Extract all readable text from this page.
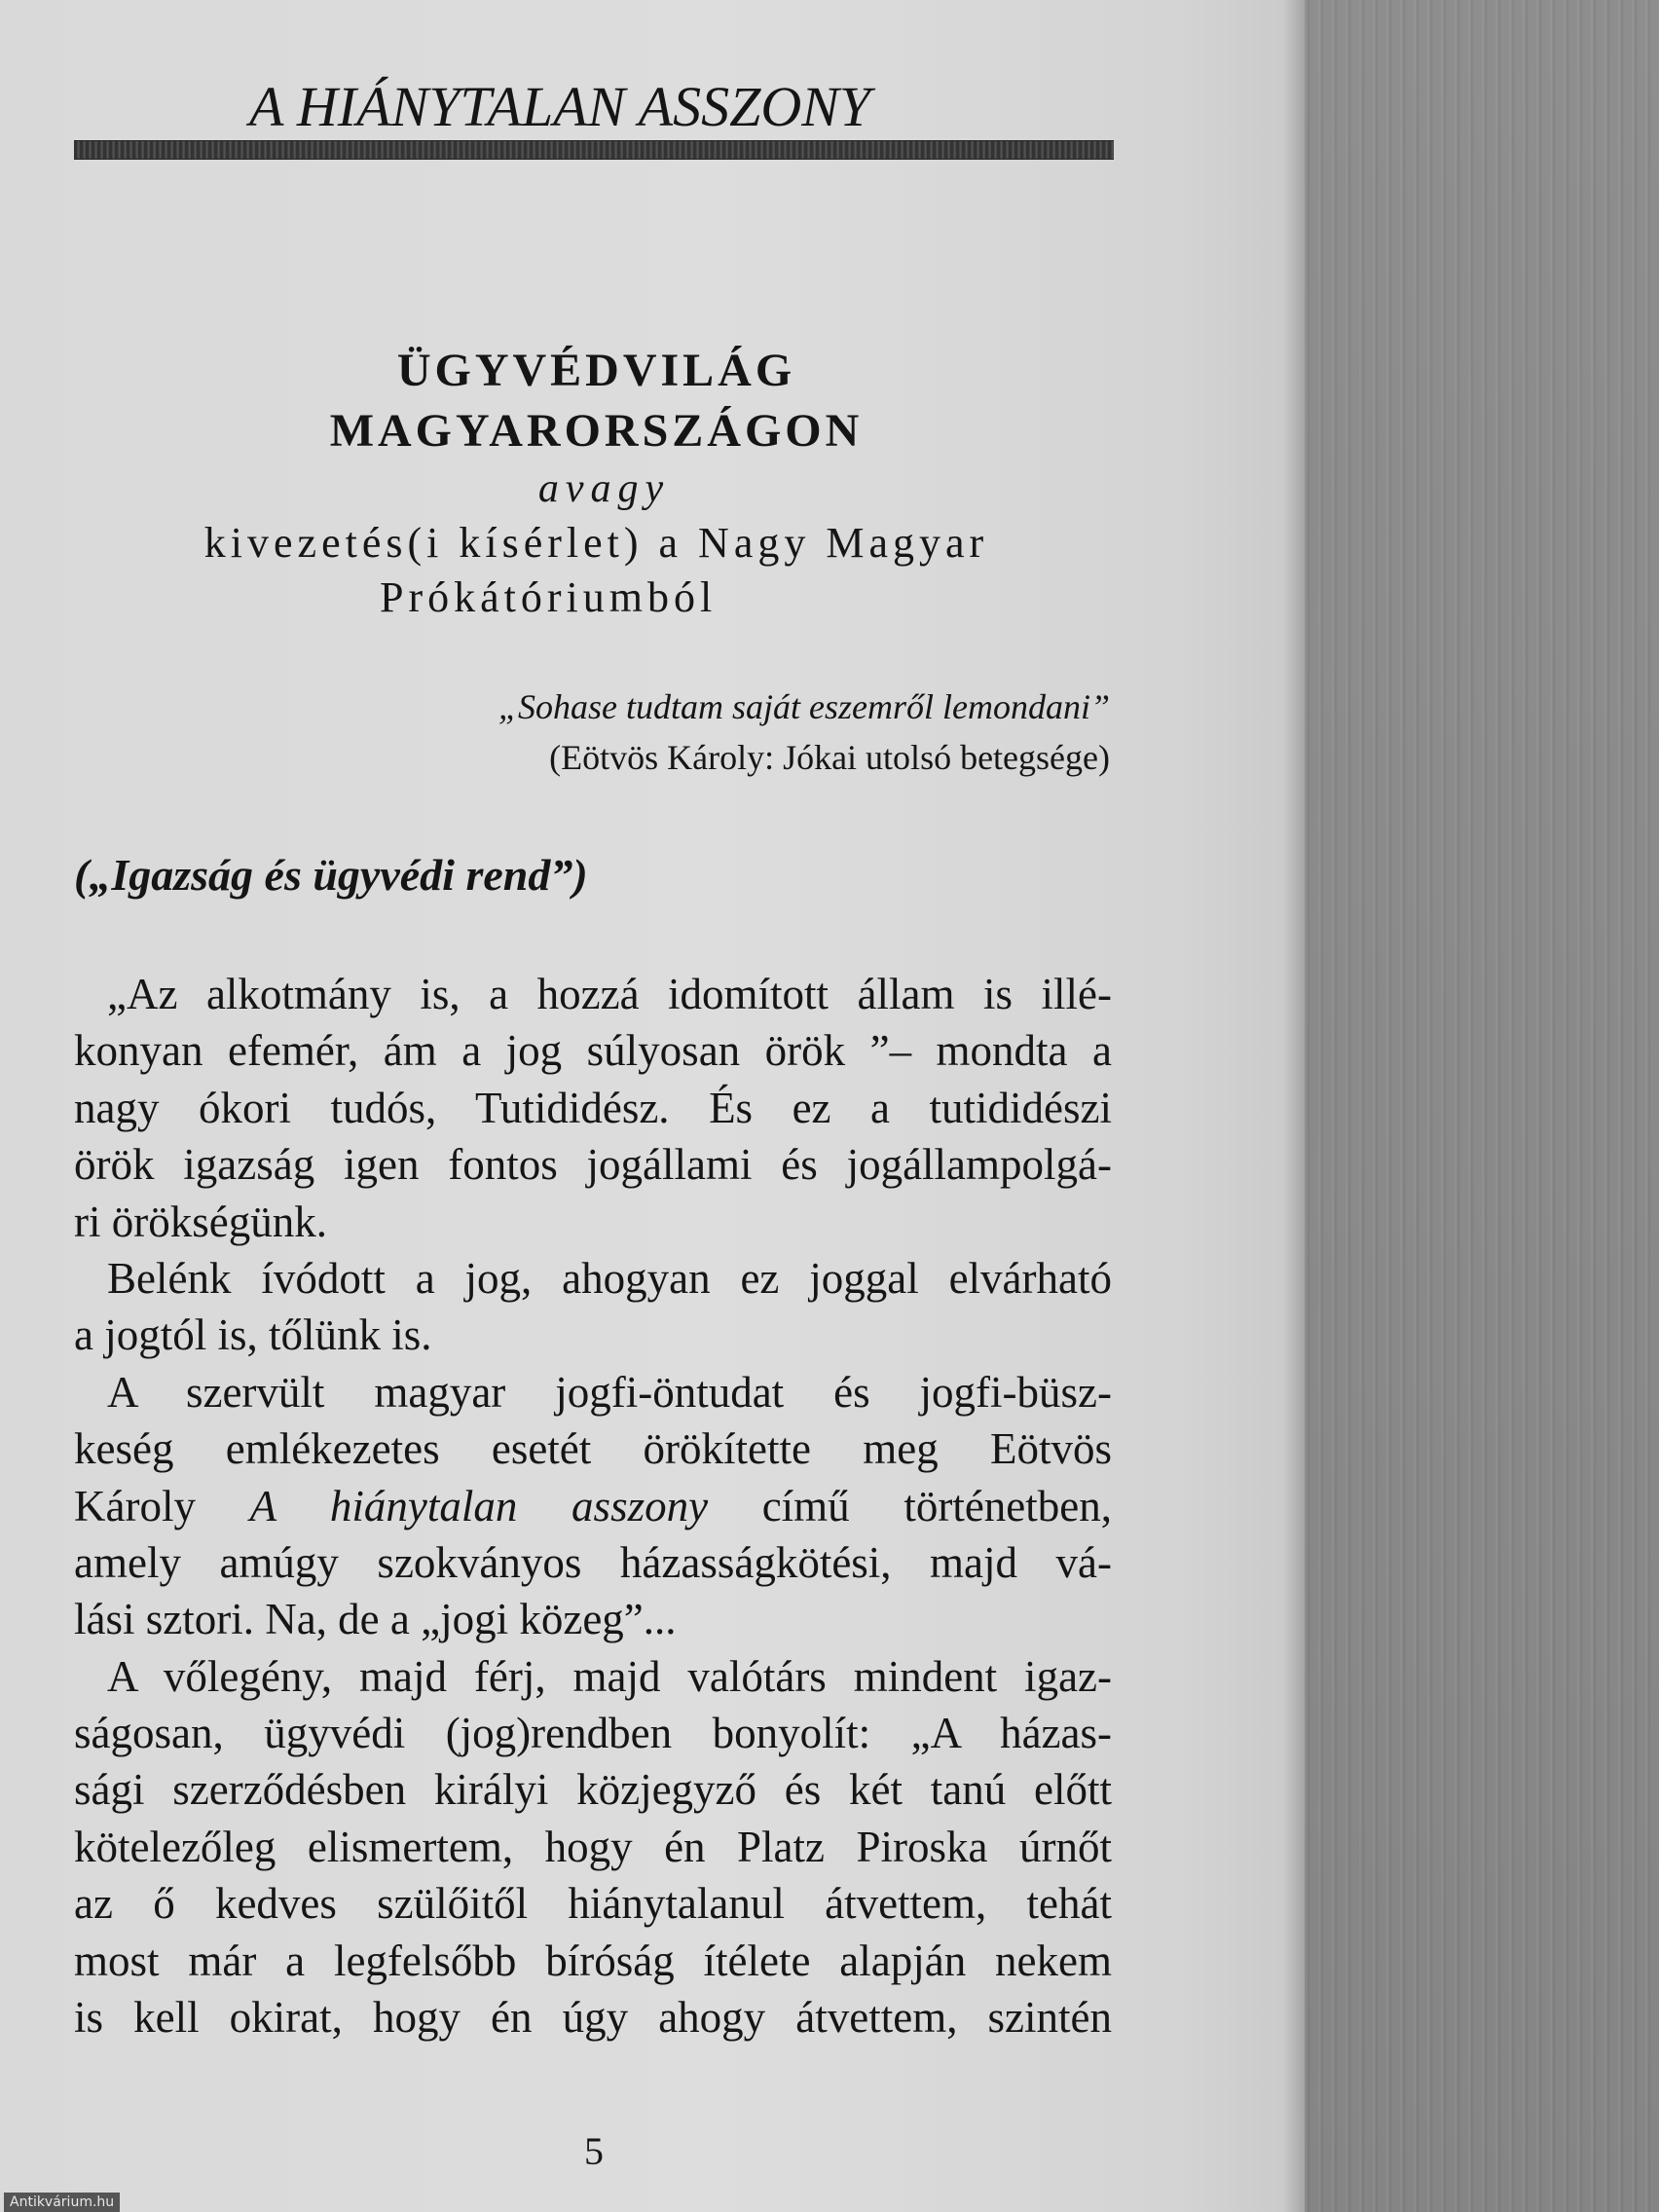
A HIÁNYTALAN ASSZONY
ÜGYVÉDVILÁG
MAGYARORSZÁGON
avagy
kivezetés(i kísérlet) a Nagy Magyar
Prókátóriumból
„Sohase tudtam saját eszemről lemondani”
(Eötvös Károly: Jókai utolsó betegsége)
(„Igazság és ügyvédi rend”)
„Az alkotmány is, a hozzá idomított állam is illé-
konyan efemér, ám a jog súlyosan örök ”– mondta a
nagy ókori tudós, Tutididész. És ez a tutididészi
örök igazság igen fontos jogállami és jogállampolgá-
ri örökségünk.
Belénk ívódott a jog, ahogyan ez joggal elvárható
a jogtól is, tőlünk is.
A szervült magyar jogfi-öntudat és jogfi-büsz-
keség emlékezetes esetét örökítette meg Eötvös
Károly A hiánytalan asszony című történetben,
amely amúgy szokványos házasságkötési, majd vá-
lási sztori. Na, de a „jogi közeg”...
A vőlegény, majd férj, majd valótárs mindent igaz-
ságosan, ügyvédi (jog)rendben bonyolít: „A házas-
sági szerződésben királyi közjegyző és két tanú előtt
kötelezőleg elismertem, hogy én Platz Piroska úrnőt
az ő kedves szülőitől hiánytalanul átvettem, tehát
most már a legfelsőbb bíróság ítélete alapján nekem
is kell okirat, hogy én úgy ahogy átvettem, szintén
5
Antikvárium.hu
